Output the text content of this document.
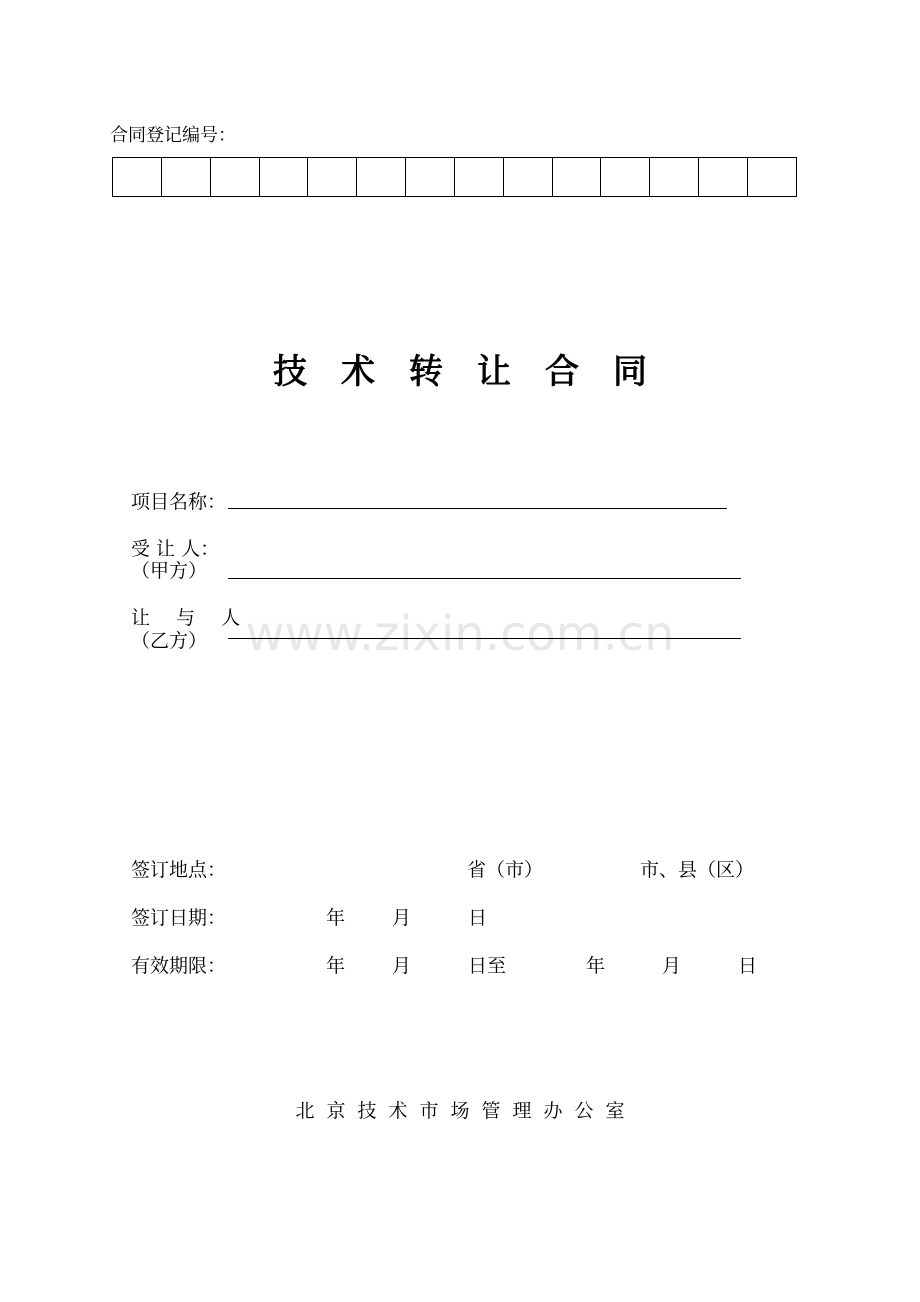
www.zixin.com.cn
合同登记编号：

技术转让合同
项目名称：
受 让 人：
（甲方）
让 与 人
（乙方）
签订地点：	省（市）	市、县（区）
签订日期：	年 月	日
有效期限：	年 月	日至	年	月	日
北京技术市场管理办公室
